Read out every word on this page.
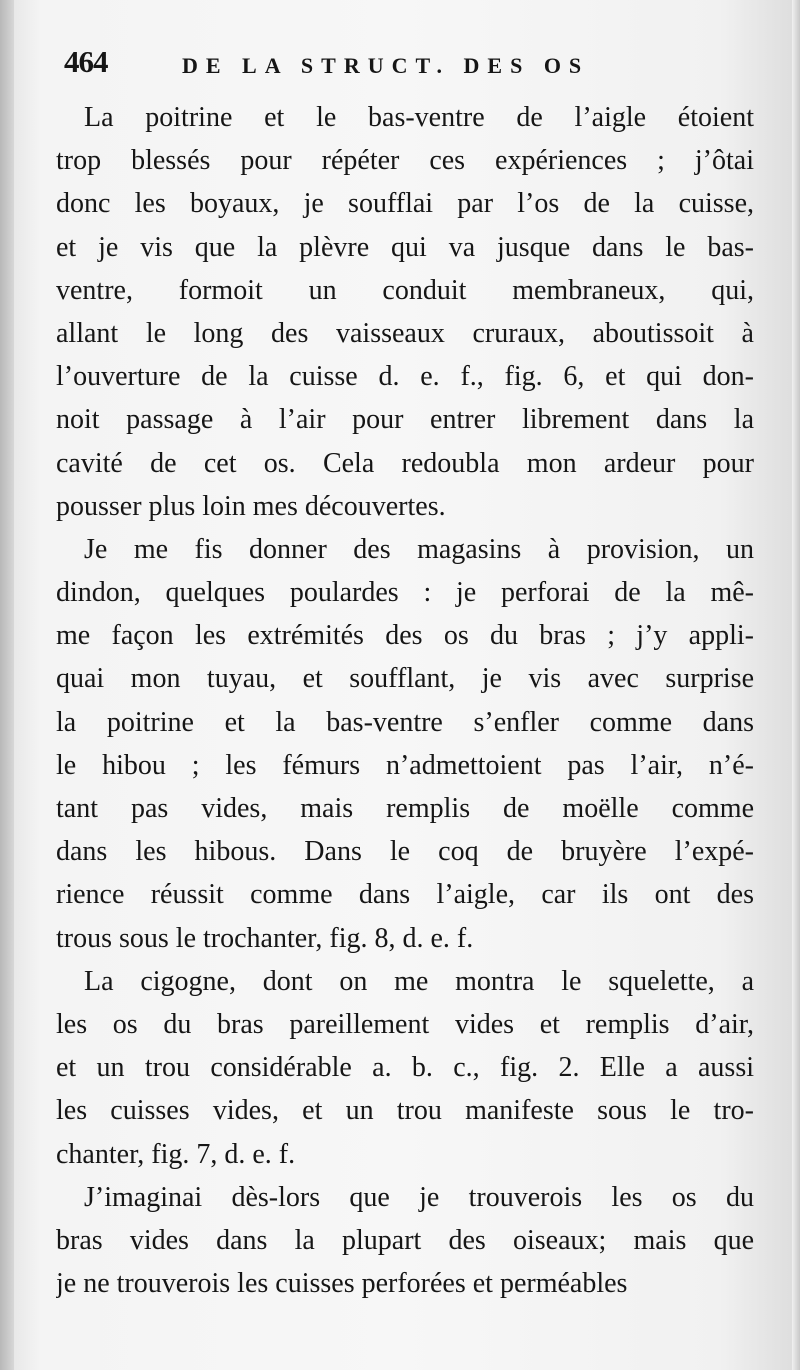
464	DE LA STRUCT. DES OS
La poitrine et le bas-ventre de l’aigle étoient
trop blessés pour répéter ces expériences ; j’ôtai
donc les boyaux, je soufflai par l’os de la cuisse,
et je vis que la plèvre qui va jusque dans le bas-
ventre, formoit un conduit membraneux, qui,
allant le long des vaisseaux cruraux, aboutissoit à
l’ouverture de la cuisse d. e. f., fig. 6, et qui don-
noit passage à l’air pour entrer librement dans la
cavité de cet os. Cela redoubla mon ardeur pour
pousser plus loin mes découvertes.
Je me fis donner des magasins à provision, un
dindon, quelques poulardes : je perforai de la mê-
me façon les extrémités des os du bras ; j’y appli-
quai mon tuyau, et soufflant, je vis avec surprise
la poitrine et la bas-ventre s’enfler comme dans
le hibou ; les fémurs n’admettoient pas l’air, n’é-
tant pas vides, mais remplis de moëlle comme
dans les hibous. Dans le coq de bruyère l’expé-
rience réussit comme dans l’aigle, car ils ont des
trous sous le trochanter, fig. 8, d. e. f.
La cigogne, dont on me montra le squelette, a
les os du bras pareillement vides et remplis d’air,
et un trou considérable a. b. c., fig. 2. Elle a aussi
les cuisses vides, et un trou manifeste sous le tro-
chanter, fig. 7, d. e. f.
J’imaginai dès-lors que je trouverois les os du
bras vides dans la plupart des oiseaux; mais que
je ne trouverois les cuisses perforées et perméables
